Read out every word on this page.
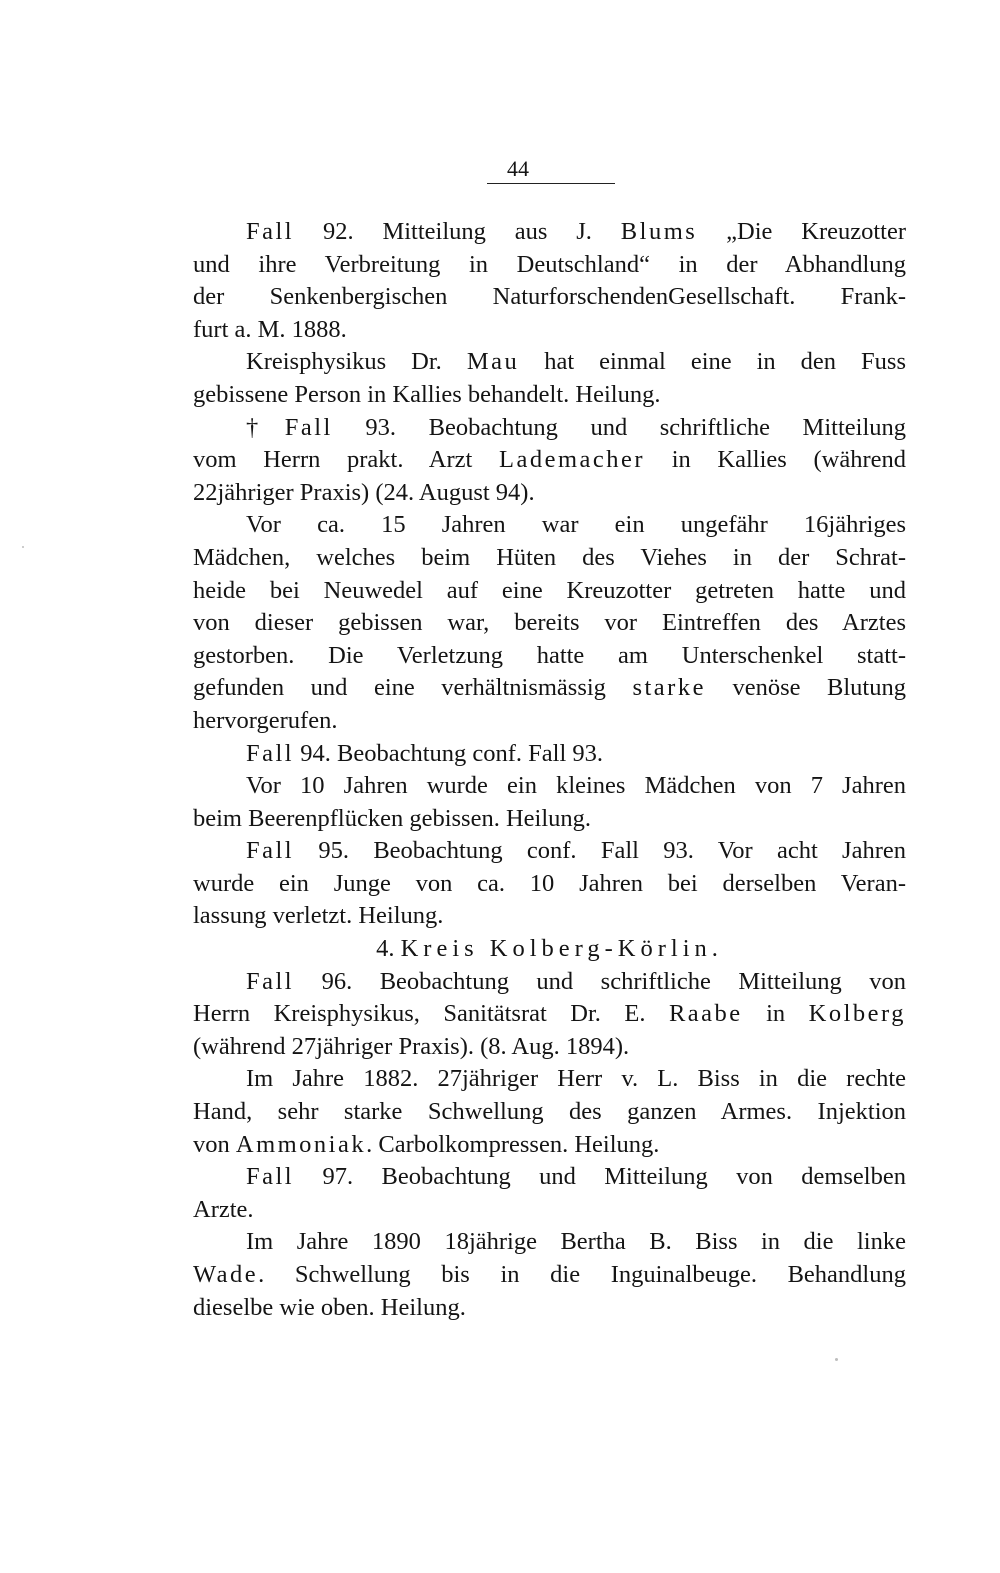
44
Fall 92. Mitteilung aus J. Blums „Die Kreuzotter
und ihre Verbreitung in Deutschland“ in der Abhandlung
der Senkenbergischen NaturforschendenGesellschaft. Frank-
furt a. M. 1888.
Kreisphysikus Dr. Mau hat einmal eine in den Fuss
gebissene Person in Kallies behandelt. Heilung.
†Fall 93. Beobachtung und schriftliche Mitteilung
vom Herrn prakt. Arzt Lademacher in Kallies (während
22jähriger Praxis) (24. August 94).
Vor ca. 15 Jahren war ein ungefähr 16jähriges
Mädchen, welches beim Hüten des Viehes in der Schrat-
heide bei Neuwedel auf eine Kreuzotter getreten hatte und
von dieser gebissen war, bereits vor Eintreffen des Arztes
gestorben. Die Verletzung hatte am Unterschenkel statt-
gefunden und eine verhältnismässig starke venöse Blutung
hervorgerufen.
Fall 94. Beobachtung conf. Fall 93.
Vor 10 Jahren wurde ein kleines Mädchen von 7 Jahren
beim Beerenpflücken gebissen. Heilung.
Fall 95. Beobachtung conf. Fall 93. Vor acht Jahren
wurde ein Junge von ca. 10 Jahren bei derselben Veran-
lassung verletzt. Heilung.
4. Kreis Kolberg-Körlin.
Fall 96. Beobachtung und schriftliche Mitteilung von
Herrn Kreisphysikus, Sanitätsrat Dr. E. Raabe in Kolberg
(während 27jähriger Praxis). (8. Aug. 1894).
Im Jahre 1882. 27jähriger Herr v. L. Biss in die rechte
Hand, sehr starke Schwellung des ganzen Armes. Injektion
von Ammoniak. Carbolkompressen. Heilung.
Fall 97. Beobachtung und Mitteilung von demselben
Arzte.
Im Jahre 1890 18jährige Bertha B. Biss in die linke
Wade. Schwellung bis in die Inguinalbeuge. Behandlung
dieselbe wie oben. Heilung.
